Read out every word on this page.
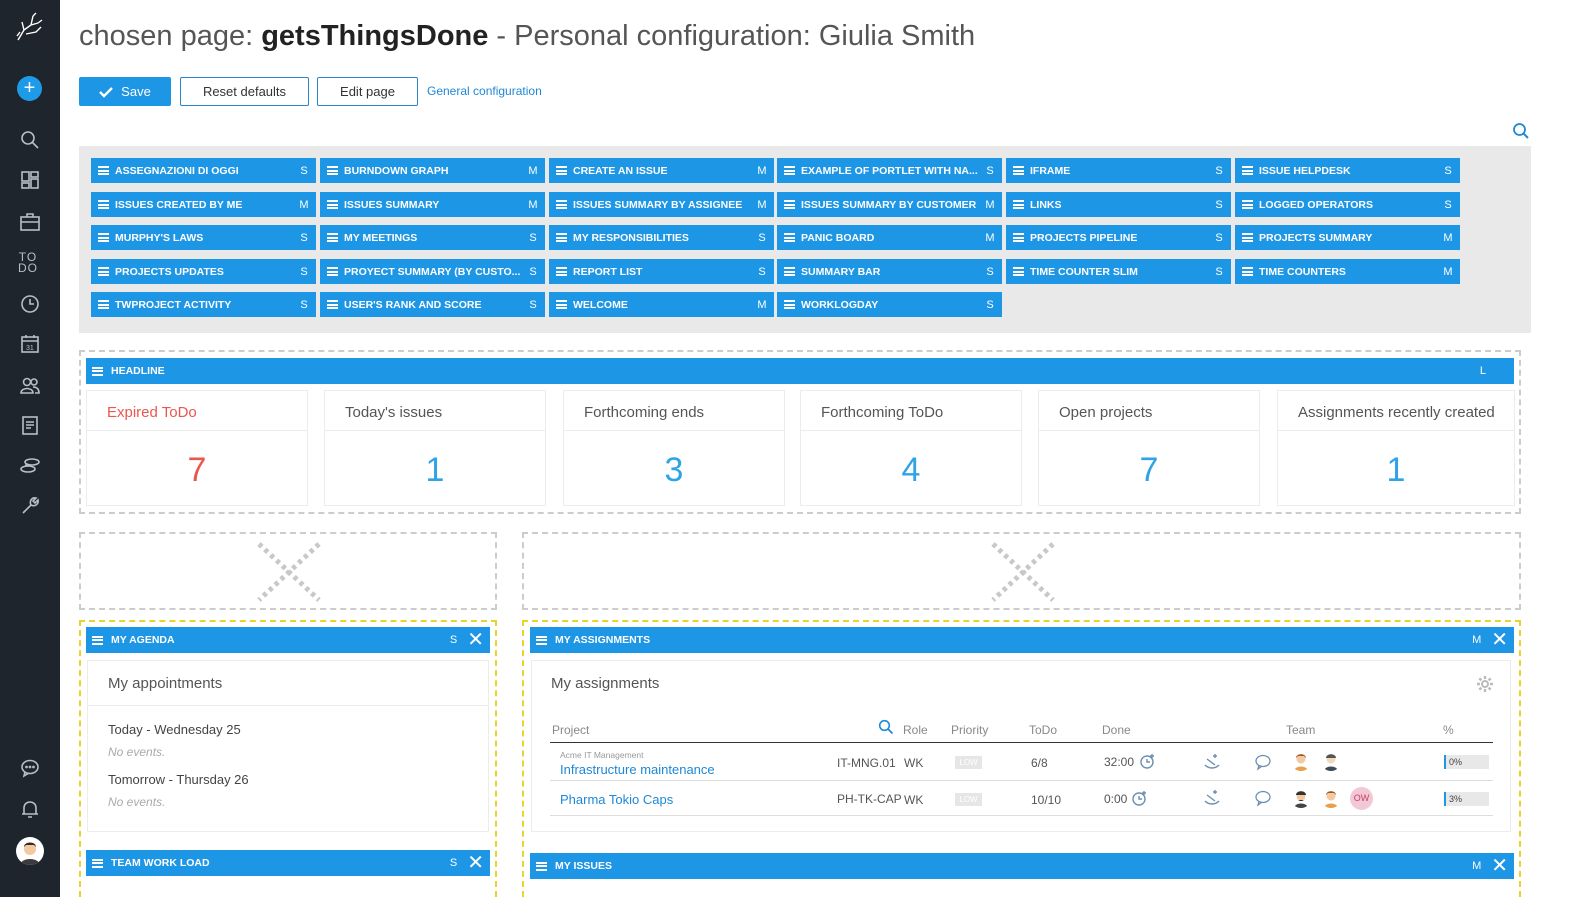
+
TO
DO
31
chosen page: getsThingsDone - Personal configuration: Giulia Smith
Save	Reset defaults	Edit page	General configuration
ASSEGNAZIONI DI OGGI	S	BURNDOWN GRAPH	M	CREATE AN ISSUE	M	EXAMPLE OF PORTLET WITH NA... S	IFRAME	S	ISSUE HELPDESK	S
ISSUES CREATED BY ME	M	ISSUES SUMMARY	M	ISSUES SUMMARY BY ASSIGNEE	M	ISSUES SUMMARY BY CUSTOMER M	LINKS	S	LOGGED OPERATORS	S
MURPHY'S LAWS	S	MY MEETINGS	S	MY RESPONSIBILITIES	S	PANIC BOARD	M	PROJECTS PIPELINE	S	PROJECTS SUMMARY	M
PROJECTS UPDATES	S	PROYECT SUMMARY (BY CUSTO... S	REPORT LIST	S	SUMMARY BAR	S	TIME COUNTER SLIM	S	TIME COUNTERS	M
TWPROJECT ACTIVITY	S	USER'S RANK AND SCORE	S	WELCOME	M	WORKLOGDAY	S
HEADLINE	L
Expired ToDo
7
Today's issues
1
Forthcoming ends
3
Forthcoming ToDo
4
Open projects
7
Assignments recently created
1
MY AGENDA	S ✕
My appointments
Today - Wednesday 25
No events.
Tomorrow - Thursday 26
No events.
TEAM WORK LOAD	S ✕
MY ASSIGNMENTS	M ✕
My assignments
Project	Role Priority	ToDo	Done	Team	%
Acme IT Management
Infrastructure maintenance	IT-MNG.01 WK	LOW	6/8	32:00	0%
Pharma Tokio Caps	PH-TK-CAP WK	LOW	10/10	0:00	OW	3%
MY ISSUES	M ✕
